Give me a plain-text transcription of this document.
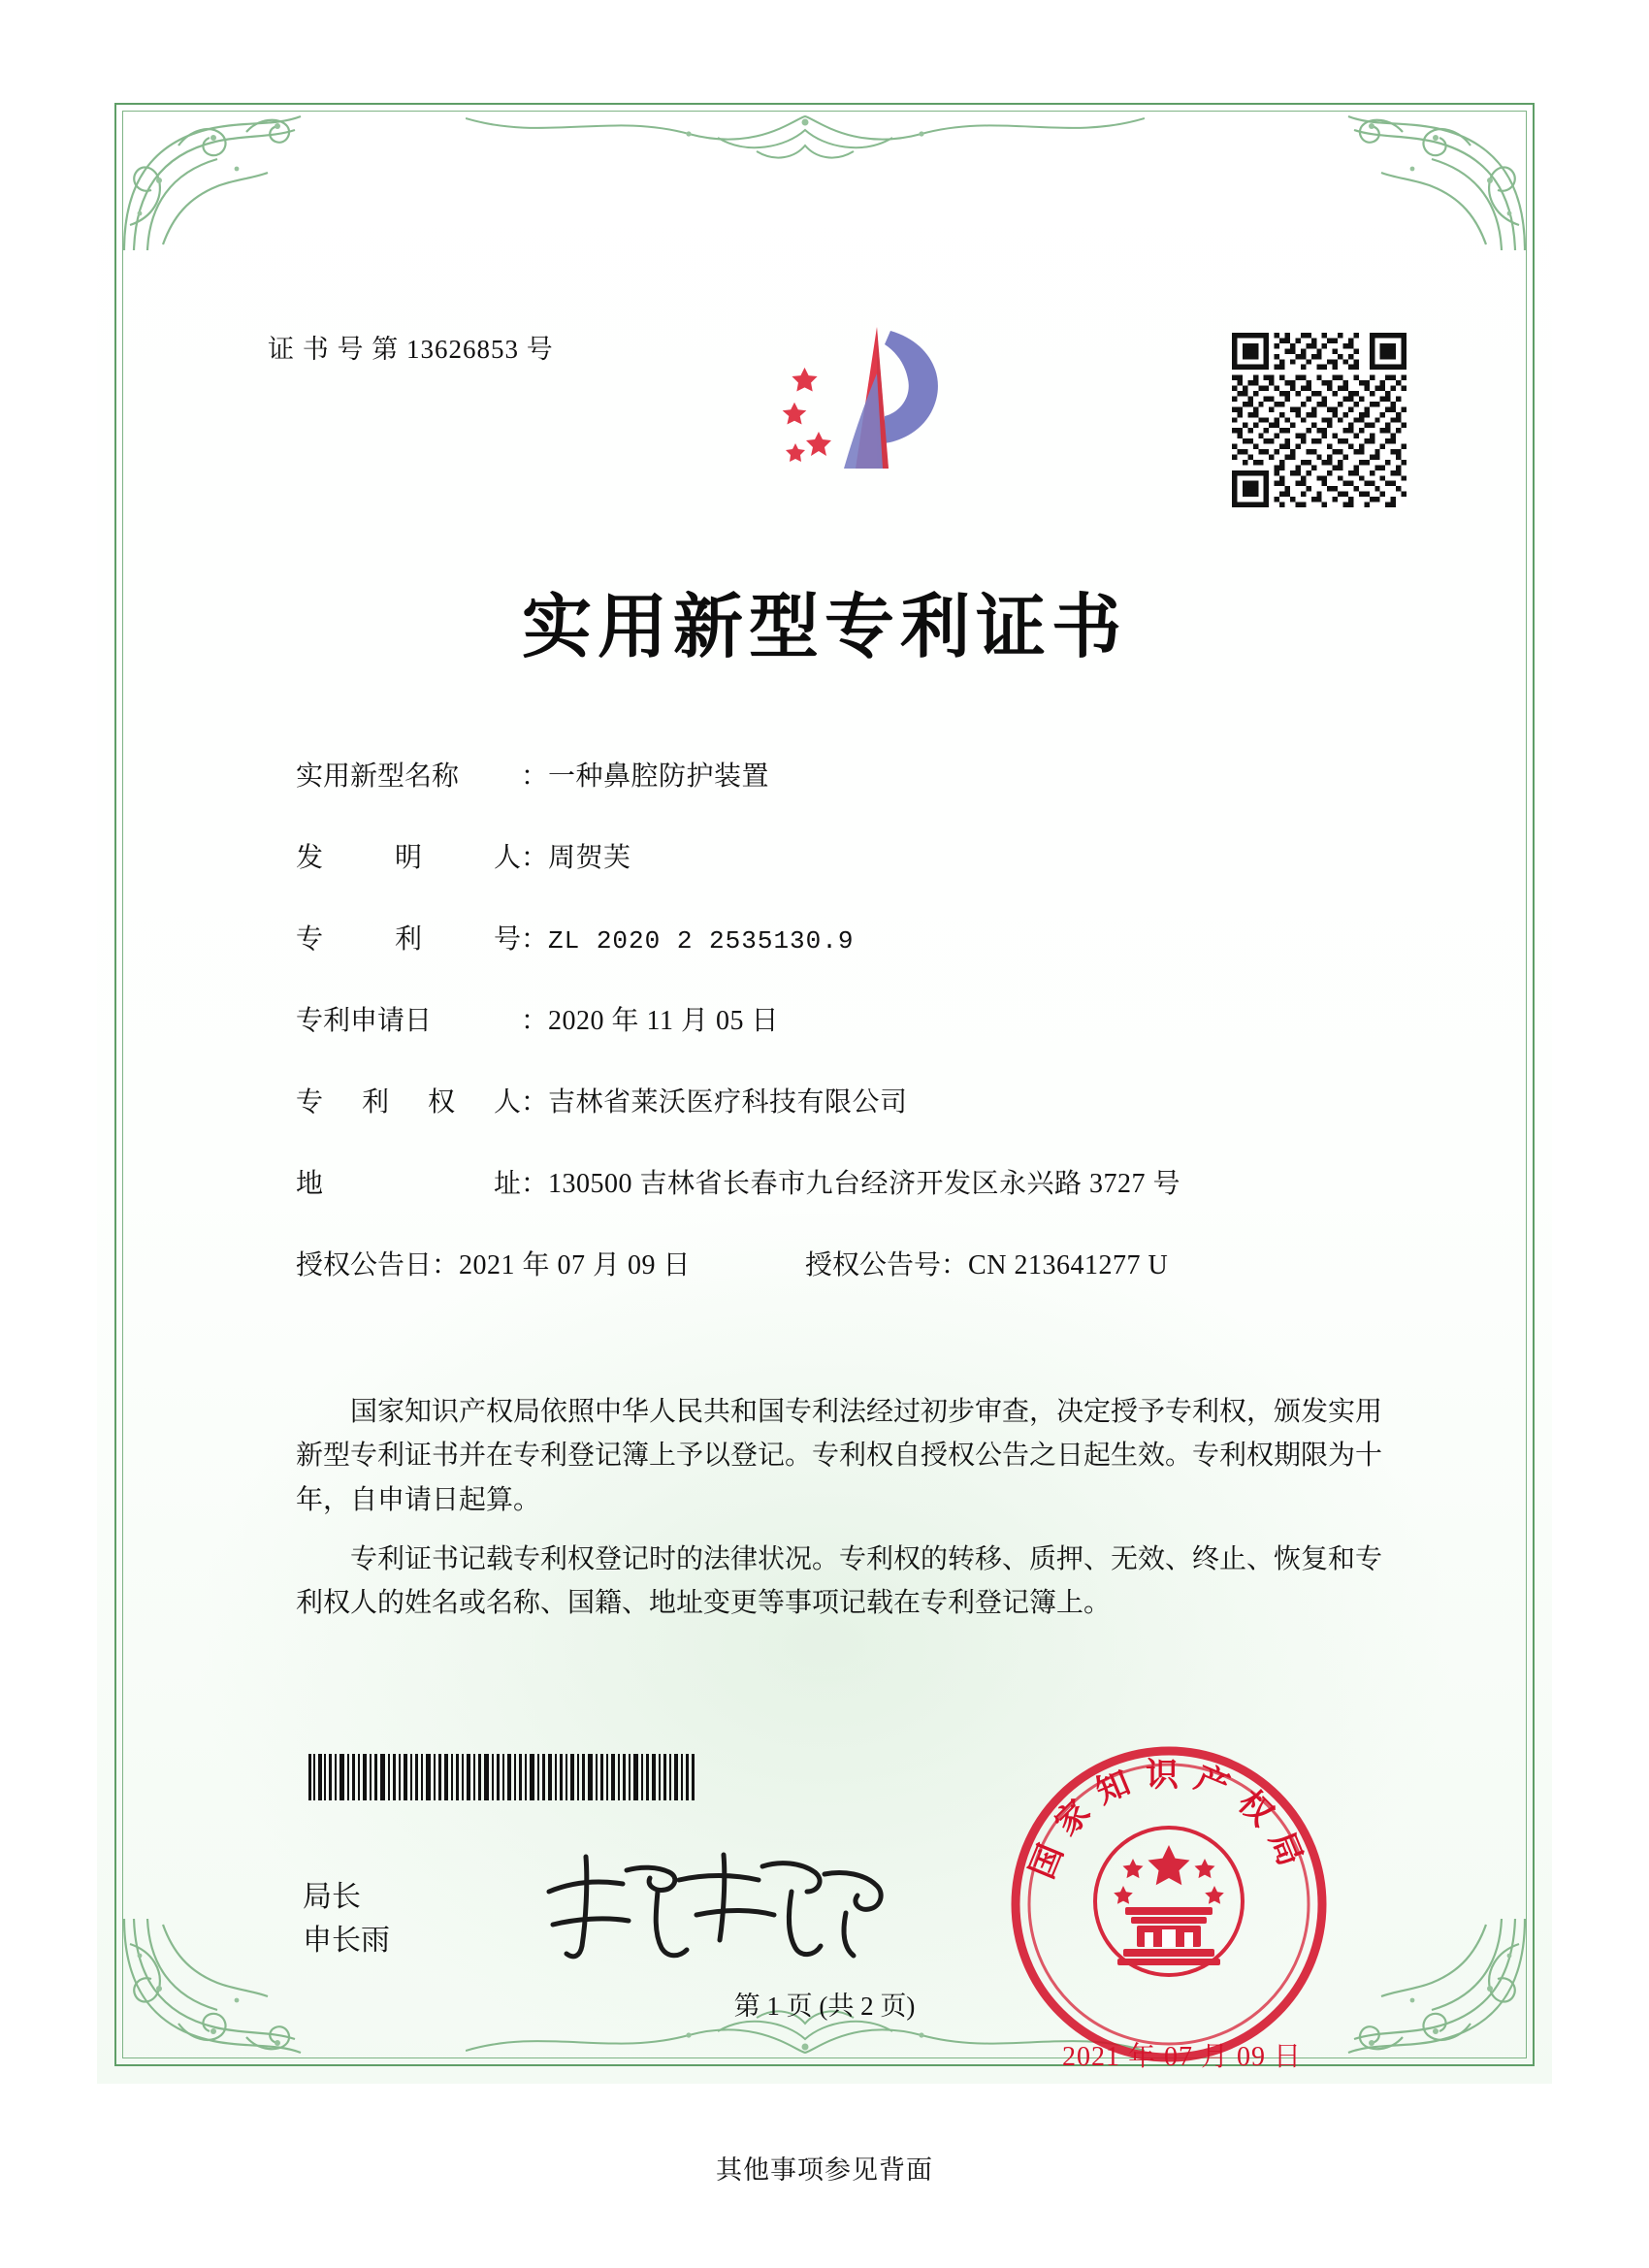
证 书 号 第 13626853 号
实用新型专利证书
实用新型名称	： 一种鼻腔防护装置
发	明	人 ： 周贺芙
专	利	号 ： ZL 2020 2 2535130.9
专利申请日	： 2020 年 11 月 05 日
专 利 权 人 ： 吉林省莱沃医疗科技有限公司
地	址 ： 130500 吉林省长春市九台经济开发区永兴路 3727 号
授权公告日： 2021 年 07 月 09 日	授权公告号： CN 213641277 U

国家知识产权局依照中华人民共和国专利法经过初步审查，决定授予专利权，颁发实用新型专利证书并在专利登记簿上予以登记。专利权自授权公告之日起生效。专利权期限为十年，自申请日起算。

专利证书记载专利权登记时的法律状况。专利权的转移、质押、无效、终止、恢复和专利权人的姓名或名称、国籍、地址变更等事项记载在专利登记簿上。

局长
申长雨
国家知识产权局
2021 年 07 月 09 日
第 1 页 (共 2 页)
其他事项参见背面
